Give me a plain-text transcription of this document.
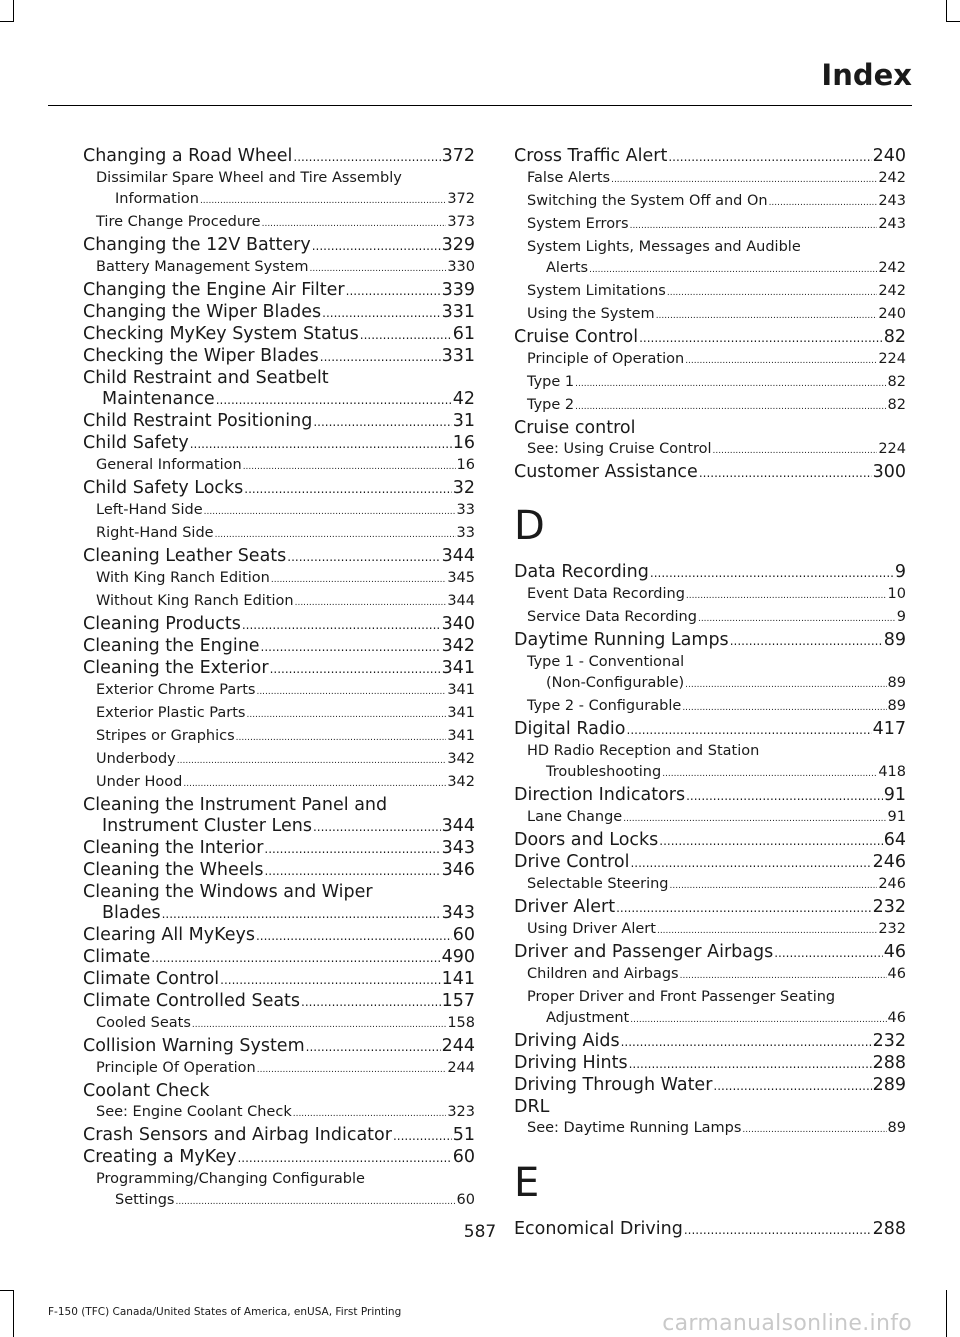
Index
Changing a Road Wheel .....	372
Dissimilar Spare Wheel and Tire Assembly
Information .....	372
Tire Change Procedure .....	373
Changing the 12V Battery .....	329
Battery Management System .....	330
Changing the Engine Air Filter .....	339
Changing the Wiper Blades .....	331
Checking MyKey System Status .....	61
Checking the Wiper Blades .....	331
Child Restraint and Seatbelt
Maintenance .....	42
Child Restraint Positioning .....	31
Child Safety .....	16
General Information .....	16
Child Safety Locks .....	32
Left-Hand Side .....	33
Right-Hand Side .....	33
Cleaning Leather Seats .....	344
With King Ranch Edition .....	345
Without King Ranch Edition .....	344
Cleaning Products .....	340
Cleaning the Engine .....	342
Cleaning the Exterior .....	341
Exterior Chrome Parts .....	341
Exterior Plastic Parts .....	341
Stripes or Graphics .....	341
Underbody .....	342
Under Hood .....	342
Cleaning the Instrument Panel and
Instrument Cluster Lens .....	344
Cleaning the Interior .....	343
Cleaning the Wheels .....	346
Cleaning the Windows and Wiper
Blades .....	343
Clearing All MyKeys .....	60
Climate .....	490
Climate Control .....	141
Climate Controlled Seats .....	157
Cooled Seats .....	158
Collision Warning System .....	244
Principle Of Operation .....	244
Coolant Check
See: Engine Coolant Check .....	323
Crash Sensors and Airbag Indicator .....	51
Creating a MyKey .....	60
Programming/Changing Configurable
Settings .....	60
Cross Traffic Alert .....	240
False Alerts .....	242
Switching the System Off and On .....	243
System Errors .....	243
System Lights, Messages and Audible
Alerts .....	242
System Limitations .....	242
Using the System .....	240
Cruise Control .....	82
Principle of Operation .....	224
Type 1 .....	82
Type 2 .....	82
Cruise control
See: Using Cruise Control .....	224
Customer Assistance .....	300
D
Data Recording .....	9
Event Data Recording .....	10
Service Data Recording .....	9
Daytime Running Lamps .....	89
Type 1 - Conventional
(Non-Configurable) .....	89
Type 2 - Configurable .....	89
Digital Radio .....	417
HD Radio Reception and Station
Troubleshooting .....	418
Direction Indicators .....	91
Lane Change .....	91
Doors and Locks .....	64
Drive Control .....	246
Selectable Steering .....	246
Driver Alert .....	232
Using Driver Alert .....	232
Driver and Passenger Airbags .....	46
Children and Airbags .....	46
Proper Driver and Front Passenger Seating
Adjustment .....	46
Driving Aids .....	232
Driving Hints .....	288
Driving Through Water .....	289
DRL
See: Daytime Running Lamps .....	89
E
Economical Driving .....	288
587
F-150 (TFC) Canada/United States of America, enUSA, First Printing	carmanualsonline.info
